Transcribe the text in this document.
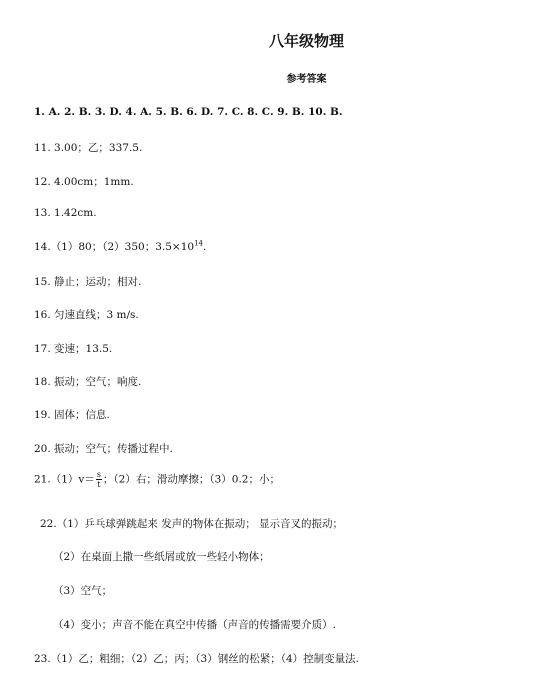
八年级物理
参考答案
1. A. 2. B. 3. D. 4. A. 5. B. 6. D. 7. C. 8. C. 9. B. 10. B.
11. 3.00；乙；337.5.
12. 4.00cm；1mm.
13. 1.42cm.
14.（1）80；（2）350；$3.5\times 10^{14}$.
15. 静止；运动；相对.
16. 匀速直线；3 m/s.
17. 变速；13.5.
18. 振动；空气；响度.
19. 固体；信息.
20. 振动；空气；传播过程中.
$21.(1)v= \frac{s}{t}$ ；（2）右；滑动摩擦；（3）0.2；小；
22.（1）乒乓球弹跳起来 发声的物体在振动； 显示音叉的振动；
（2）在桌面上撒一些纸屑或放一些轻小物体；
（3）空气；
（4）变小；声音不能在真空中传播（声音的传播需要介质）.
23.（1）乙；粗细；（2）乙；丙；（3）钢丝的松紧；（4）控制变量法.
